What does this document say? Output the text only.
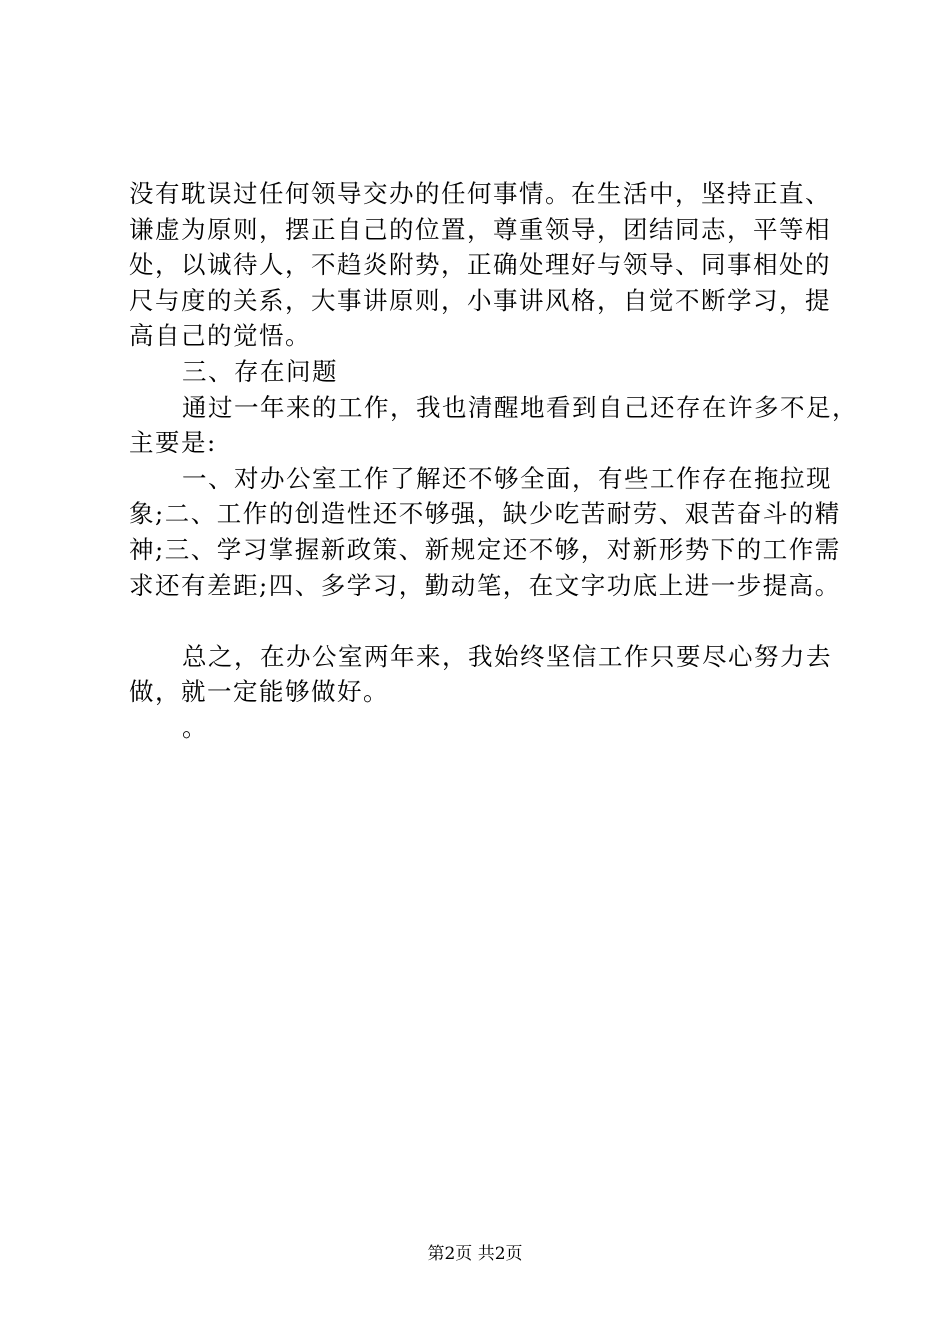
没有耽误过任何领导交办的任何事情。在生活中，坚持正直、
谦虚为原则，摆正自己的位置，尊重领导，团结同志，平等相
处，以诚待人，不趋炎附势，正确处理好与领导、同事相处的
尺与度的关系，大事讲原则，小事讲风格，自觉不断学习，提
高自己的觉悟。
三、存在问题
通过一年来的工作，我也清醒地看到自己还存在许多不足，
主要是:
一、对办公室工作了解还不够全面，有些工作存在拖拉现
象;二、工作的创造性还不够强，缺少吃苦耐劳、艰苦奋斗的精
神;三、学习掌握新政策、新规定还不够，对新形势下的工作需
求还有差距;四、多学习，勤动笔，在文字功底上进一步提高。
总之，在办公室两年来，我始终坚信工作只要尽心努力去
做，就一定能够做好。
。
第2页 共2页
